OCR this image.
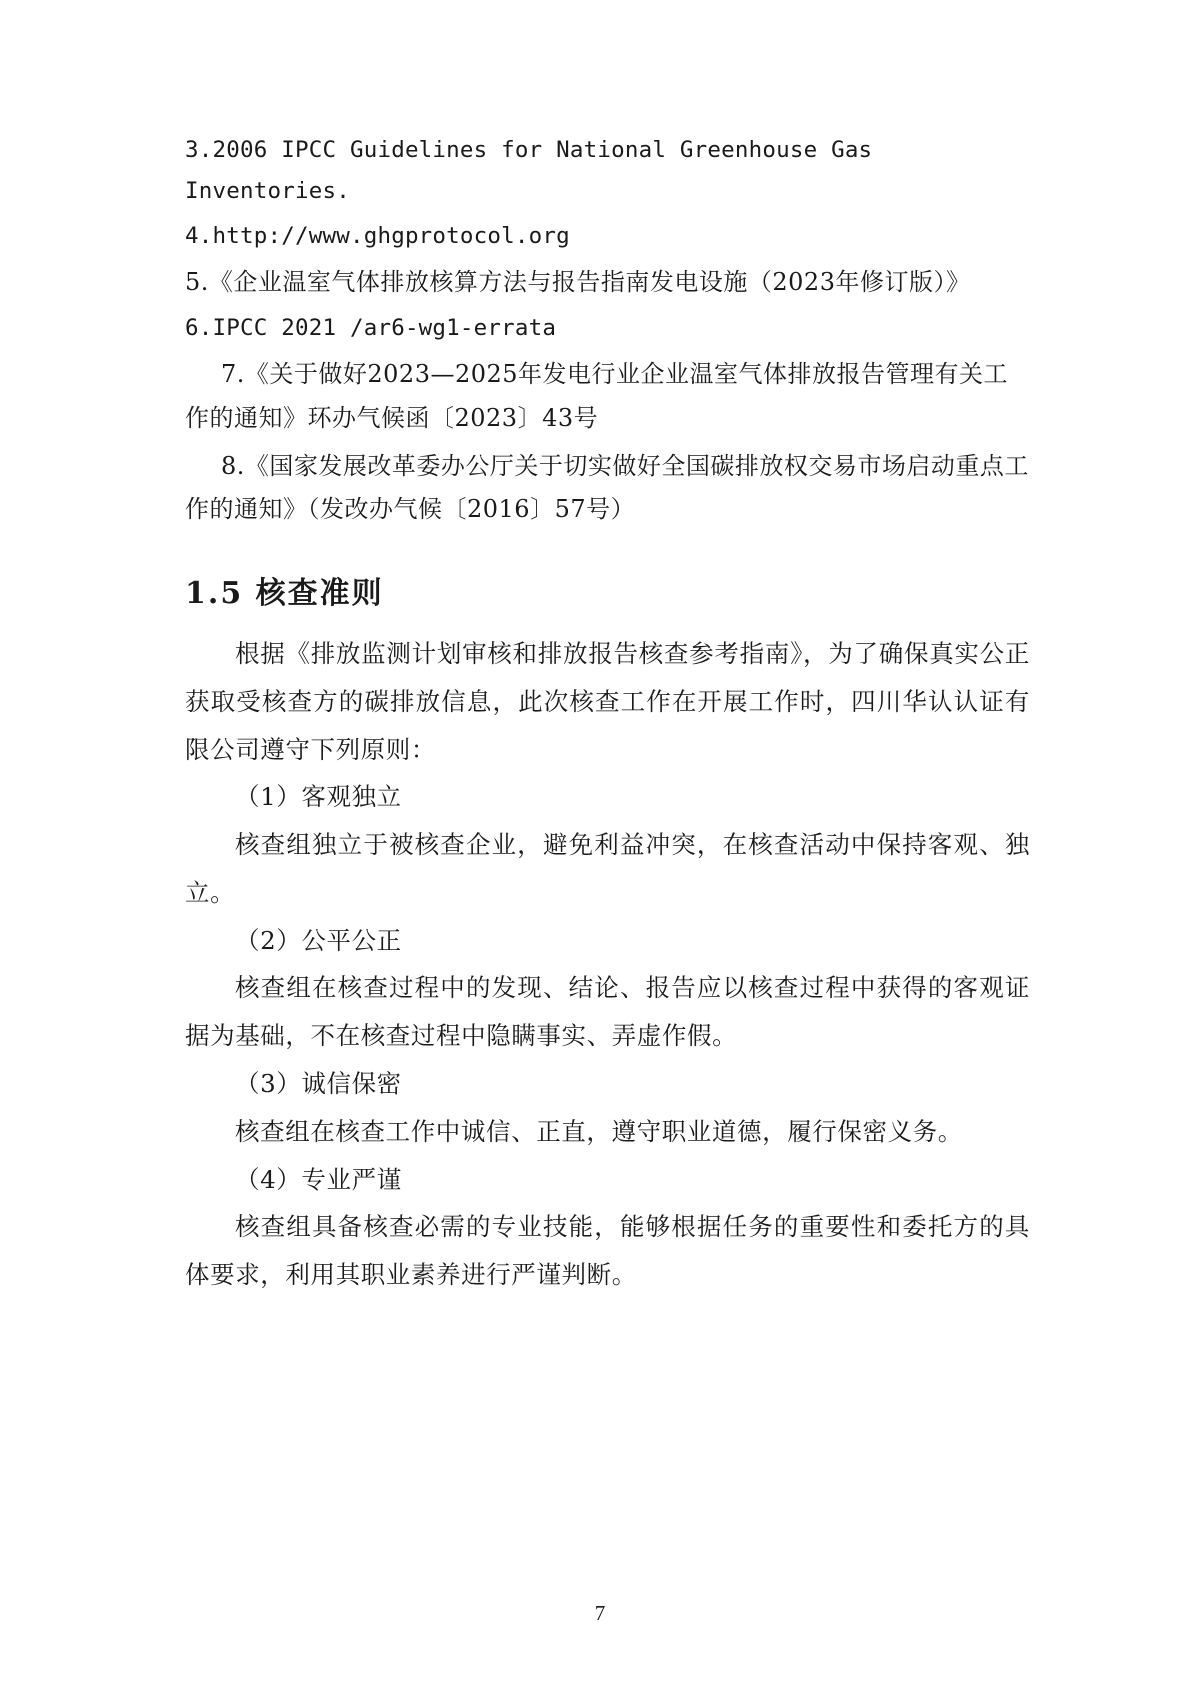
3.2006 IPCC Guidelines for National Greenhouse Gas Inventories.
4.http://www.ghgprotocol.org
5.《企业温室气体排放核算方法与报告指南发电设施（2023年修订版）》
6.IPCC 2021 /ar6-wg1-errata
7.《关于做好2023—2025年发电行业企业温室气体排放报告管理有关工作的通知》环办气候函〔2023〕43号
8.《国家发展改革委办公厅关于切实做好全国碳排放权交易市场启动重点工作的通知》（发改办气候〔2016〕57号）
1.5 核查准则

根据《排放监测计划审核和排放报告核查参考指南》，为了确保真实公正获取受核查方的碳排放信息，此次核查工作在开展工作时，四川华认认证有限公司遵守下列原则：

（1）客观独立

核查组独立于被核查企业，避免利益冲突，在核查活动中保持客观、独立。

（2）公平公正

核查组在核查过程中的发现、结论、报告应以核查过程中获得的客观证据为基础，不在核查过程中隐瞒事实、弄虚作假。

（3）诚信保密

核查组在核查工作中诚信、正直，遵守职业道德，履行保密义务。

（4）专业严谨

核查组具备核查必需的专业技能，能够根据任务的重要性和委托方的具体要求，利用其职业素养进行严谨判断。

7
